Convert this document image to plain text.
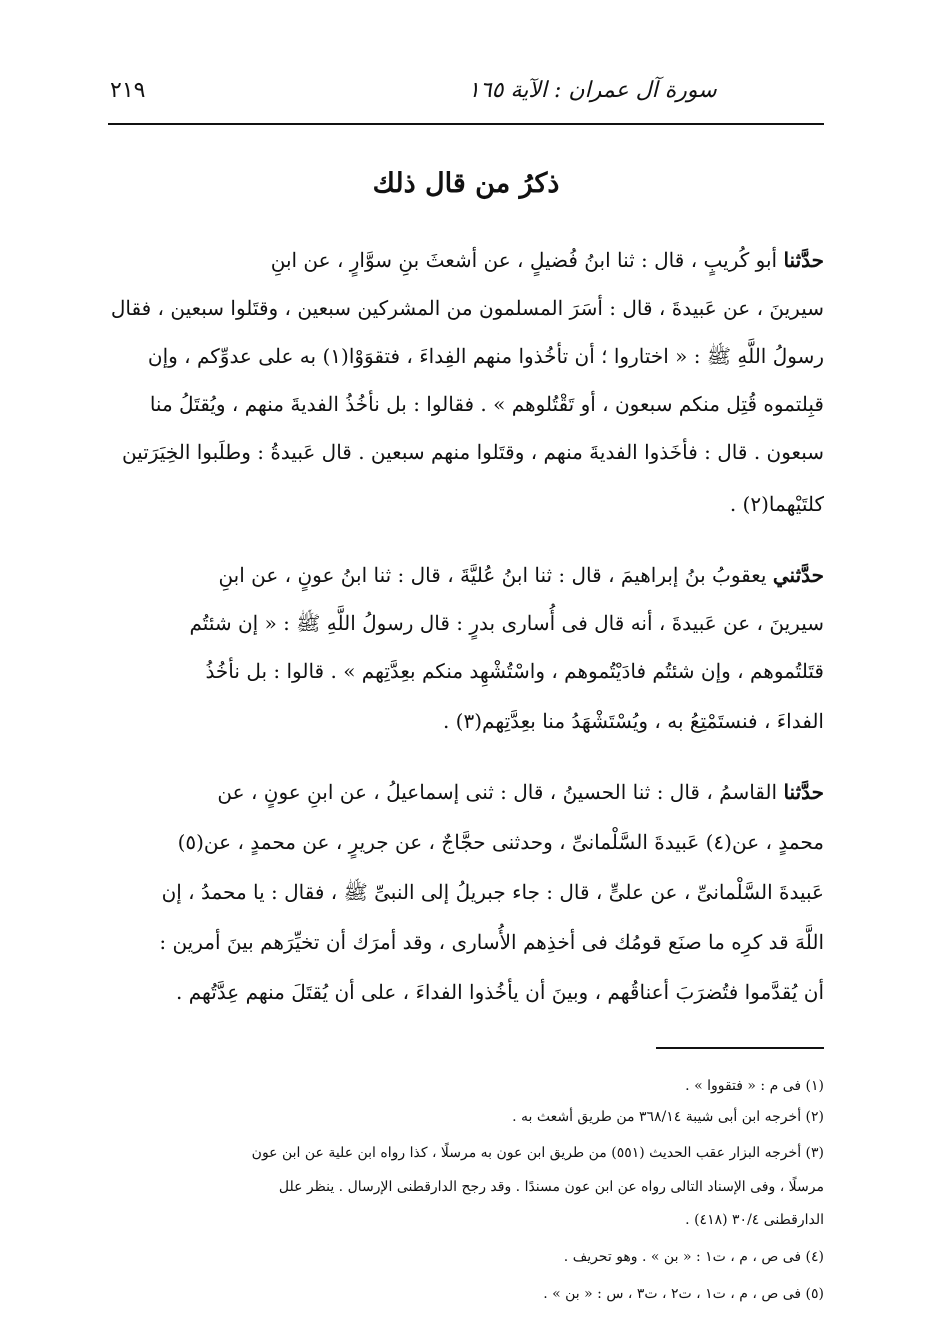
٢١٩	سورة آل عمران : الآية ١٦٥
ذكرُ من قال ذلك
حدَّثنا أبو كُريبٍ ، قال : ثنا ابنُ فُضيلٍ ، عن أشعثَ بنِ سوَّارٍ ، عن ابنِ
سيرينَ ، عن عَبيدةَ ، قال : أسَرَ المسلمون من المشركين سبعين ، وقتَلوا سبعين ، فقال
رسولُ اللَّهِ ﷺ : « اختاروا ؛ أن تأخُذوا منهم الفِداءَ ، فتقوَوْا(١) به على عدوِّكم ، وإن
قبِلتموه قُتِل منكم سبعون ، أو تَقْتُلوهم » . فقالوا : بل نأخُذُ الفديةَ منهم ، ويُقتَلُ منا
سبعون . قال : فأخَذوا الفديةَ منهم ، وقتَلوا منهم سبعين . قال عَبيدةُ : وطلَبوا الخِيَرَتين
كلتَيْهما(٢) .
حدَّثني يعقوبُ بنُ إبراهيمَ ، قال : ثنا ابنُ عُليَّةَ ، قال : ثنا ابنُ عونٍ ، عن ابنِ
سيرينَ ، عن عَبيدةَ ، أنه قال فى أُسارى بدرٍ : قال رسولُ اللَّهِ ﷺ : « إن شئتُم
قتَلتُموهم ، وإن شئتُم فادَيْتُموهم ، واسْتُشْهِد منكم بعِدَّتِهم » . قالوا : بل نأخُذُ
الفداءَ ، فنستَمْتِعُ به ، ويُسْتَشْهَدُ منا بعِدَّتِهم(٣) .
حدَّثنا القاسمُ ، قال : ثنا الحسينُ ، قال : ثنى إسماعيلُ ، عن ابنِ عونٍ ، عن
محمدٍ ، عن(٤) عَبيدةَ السَّلْمانىِّ ، وحدثنى حجَّاجٌ ، عن جريرٍ ، عن محمدٍ ، عن(٥)
عَبيدةَ السَّلْمانىِّ ، عن علىٍّ ، قال : جاء جبريلُ إلى النبىِّ ﷺ ، فقال : يا محمدُ ، إن
اللَّهَ قد كرِه ما صنَع قومُك فى أخذِهم الأُسارى ، وقد أمرَك أن تخيِّرَهم بينَ أمرين :
أن يُقدَّموا فتُضرَبَ أعناقُهم ، وبينَ أن يأخُذوا الفداءَ ، على أن يُقتَلَ منهم عِدَّتُهم .
(١) فى م : « فتقووا » .
(٢) أخرجه ابن أبى شيبة ٣٦٨/١٤ من طريق أشعث به .
(٣) أخرجه البزار عقب الحديث (٥٥١) من طريق ابن عون به مرسلًا ، كذا رواه ابن علية عن ابن عون
مرسلًا ، وفى الإسناد التالى رواه عن ابن عون مسندًا . وقد رجح الدارقطنى الإرسال . ينظر علل
الدارقطنى ٣٠/٤ (٤١٨) .
(٤) فى ص ، م ، ت١ : « بن » . وهو تحريف .
(٥) فى ص ، م ، ت١ ، ت٢ ، ت٣ ، س : « بن » .
